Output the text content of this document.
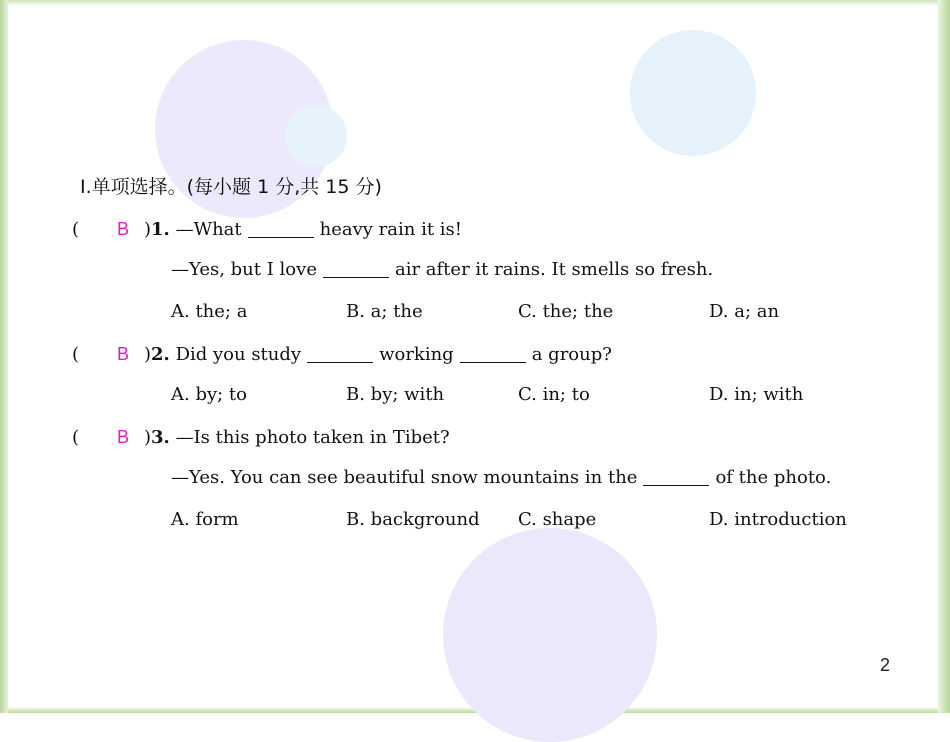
Ⅰ.单项选择。(每小题 1 分,共 15 分)
( B )1. —What	heavy rain it is!
—Yes, but I love	air after it rains. It smells so fresh.
A. the; a	B. a; the	C. the; the	D. a; an
( B )2. Did you study	working	a group?
A. by; to	B. by; with	C. in; to	D. in; with
( B )3. —Is this photo taken in Tibet?
—Yes. You can see beautiful snow mountains in the	of the photo.
A. form	B. background C. shape	D. introduction
2
